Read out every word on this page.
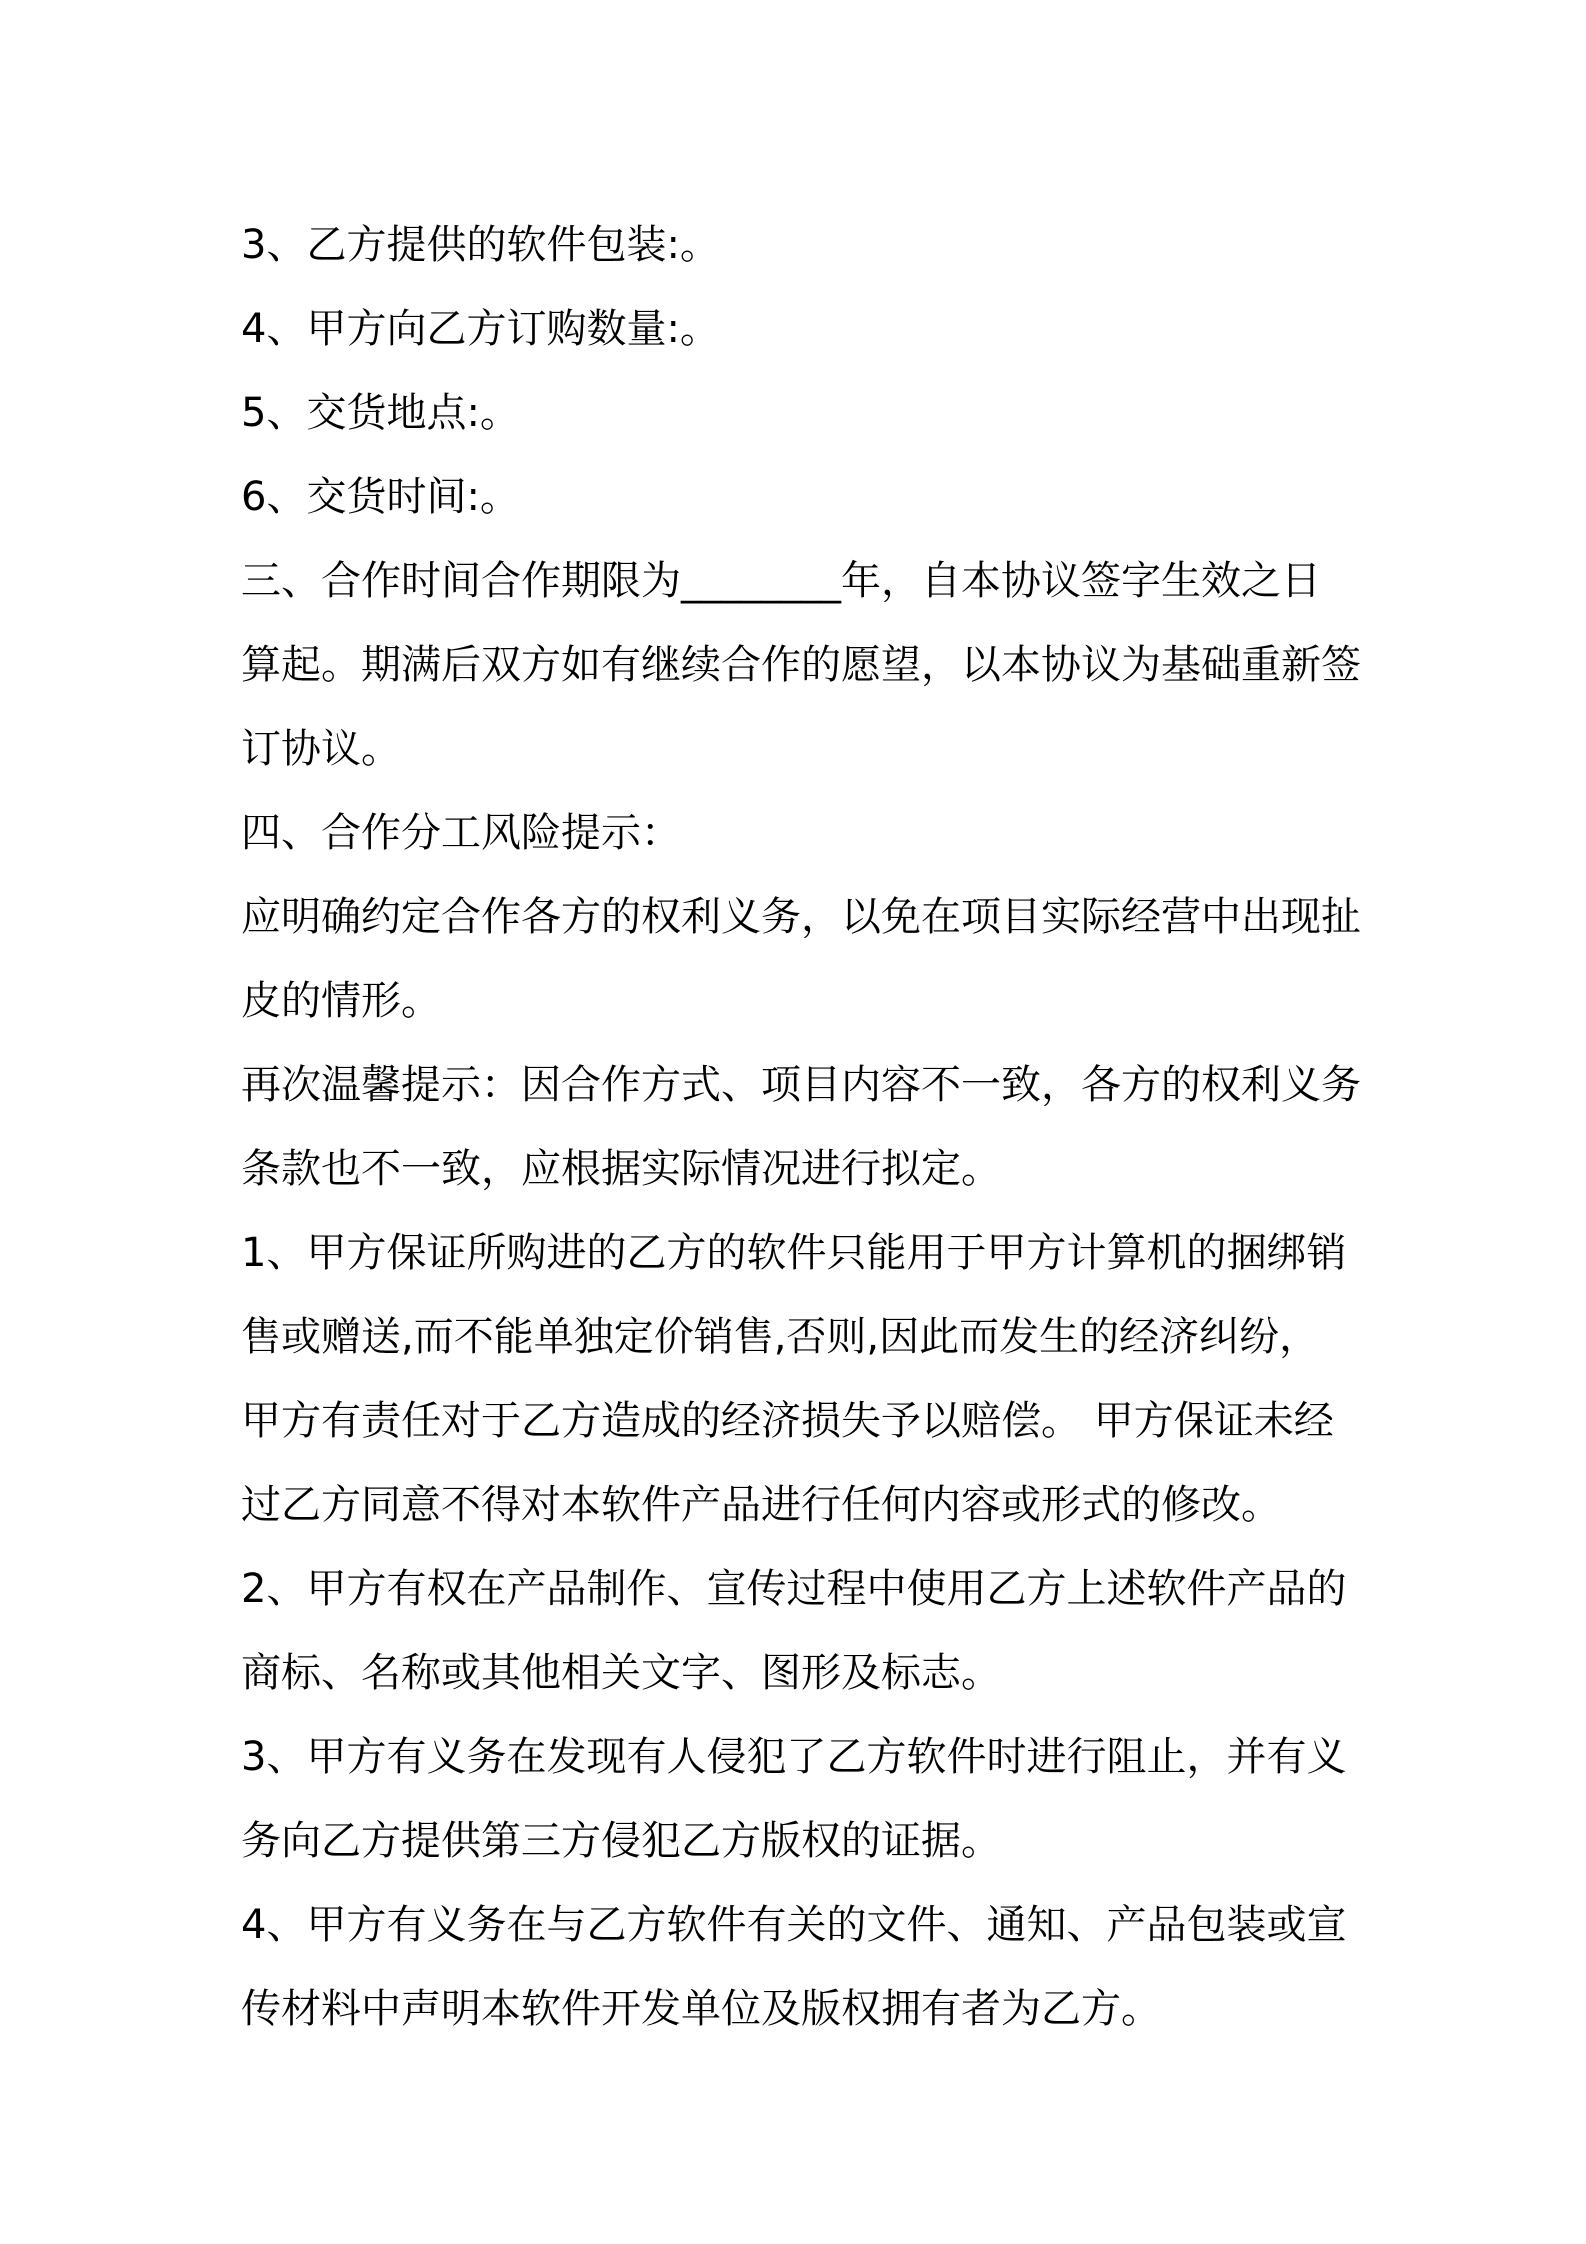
3、乙方提供的软件包装:。

4、甲方向乙方订购数量:。

5、交货地点:。

6、交货时间:。

三、合作时间合作期限为________年，自本协议签字生效之日

算起。期满后双方如有继续合作的愿望，以本协议为基础重新签

订协议。

四、合作分工风险提示：

应明确约定合作各方的权利义务，以免在项目实际经营中出现扯

皮的情形。

再次温馨提示：因合作方式、项目内容不一致，各方的权利义务

条款也不一致，应根据实际情况进行拟定。

1、甲方保证所购进的乙方的软件只能用于甲方计算机的捆绑销

售或赠送,而不能单独定价销售,否则,因此而发生的经济纠纷，

甲方有责任对于乙方造成的经济损失予以赔偿。 甲方保证未经

过乙方同意不得对本软件产品进行任何内容或形式的修改。

2、甲方有权在产品制作、宣传过程中使用乙方上述软件产品的

商标、名称或其他相关文字、图形及标志。

3、甲方有义务在发现有人侵犯了乙方软件时进行阻止，并有义

务向乙方提供第三方侵犯乙方版权的证据。

4、甲方有义务在与乙方软件有关的文件、通知、产品包装或宣

传材料中声明本软件开发单位及版权拥有者为乙方。
